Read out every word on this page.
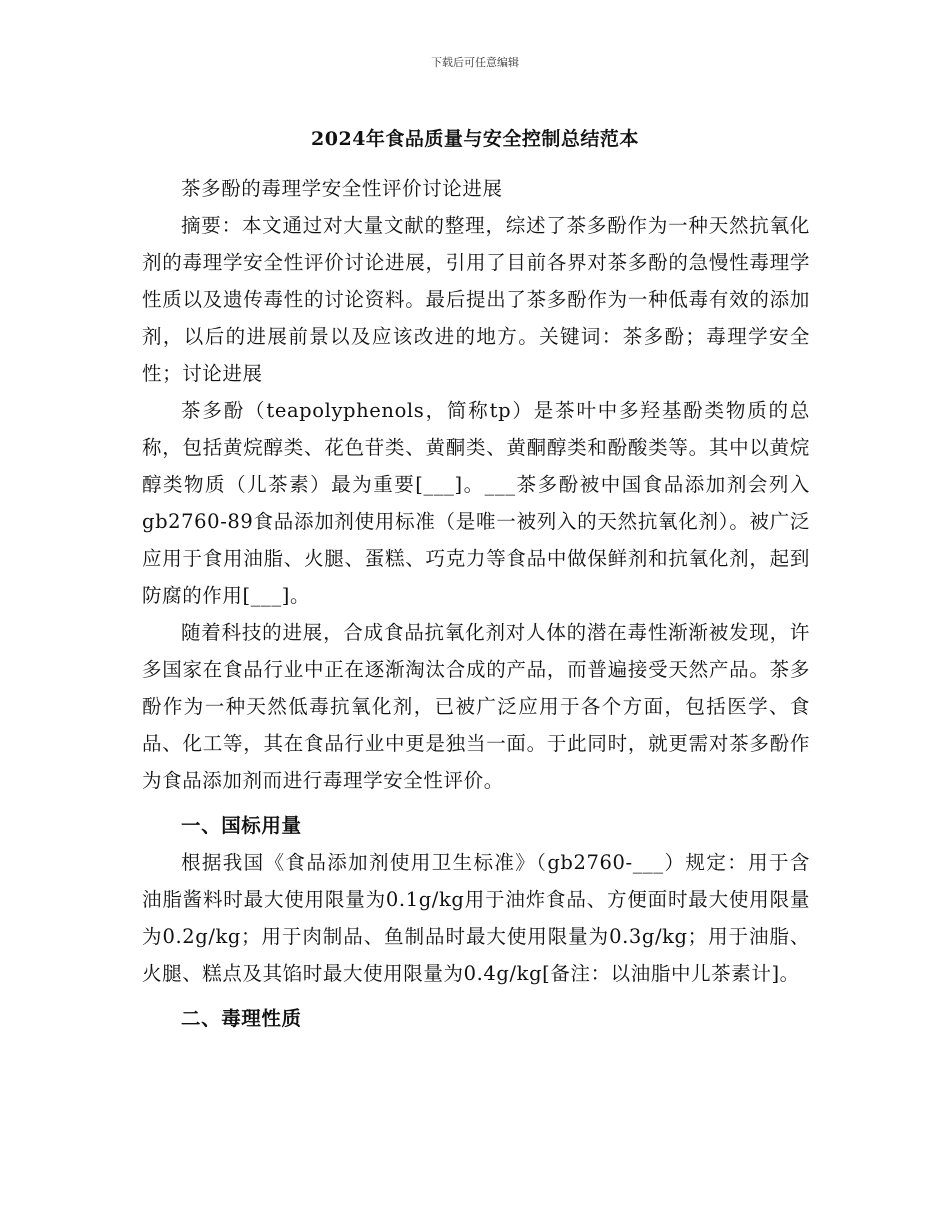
下载后可任意编辑
2024年食品质量与安全控制总结范本

茶多酚的毒理学安全性评价讨论进展

摘要：本文通过对大量文献的整理，综述了茶多酚作为一种天然抗氧化剂的毒理学安全性评价讨论进展，引用了目前各界对茶多酚的急慢性毒理学性质以及遗传毒性的讨论资料。最后提出了茶多酚作为一种低毒有效的添加剂，以后的进展前景以及应该改进的地方。关键词：茶多酚；毒理学安全性；讨论进展

茶多酚（teapolyphenols，简称tp）是茶叶中多羟基酚类物质的总称，包括黄烷醇类、花色苷类、黄酮类、黄酮醇类和酚酸类等。其中以黄烷醇类物质（儿茶素）最为重要[___]。___茶多酚被中国食品添加剂会列入gb2760-89食品添加剂使用标准（是唯一被列入的天然抗氧化剂）。被广泛应用于食用油脂、火腿、蛋糕、巧克力等食品中做保鲜剂和抗氧化剂，起到防腐的作用[___]。

随着科技的进展，合成食品抗氧化剂对人体的潜在毒性渐渐被发现，许多国家在食品行业中正在逐渐淘汰合成的产品，而普遍接受天然产品。茶多酚作为一种天然低毒抗氧化剂，已被广泛应用于各个方面，包括医学、食品、化工等，其在食品行业中更是独当一面。于此同时，就更需对茶多酚作为食品添加剂而进行毒理学安全性评价。

一、国标用量

根据我国《食品添加剂使用卫生标准》（gb2760-___）规定：用于含油脂酱料时最大使用限量为0.1g/kg用于油炸食品、方便面时最大使用限量为0.2g/kg；用于肉制品、鱼制品时最大使用限量为0.3g/kg；用于油脂、火腿、糕点及其馅时最大使用限量为0.4g/kg[备注：以油脂中儿茶素计]。

二、毒理性质
